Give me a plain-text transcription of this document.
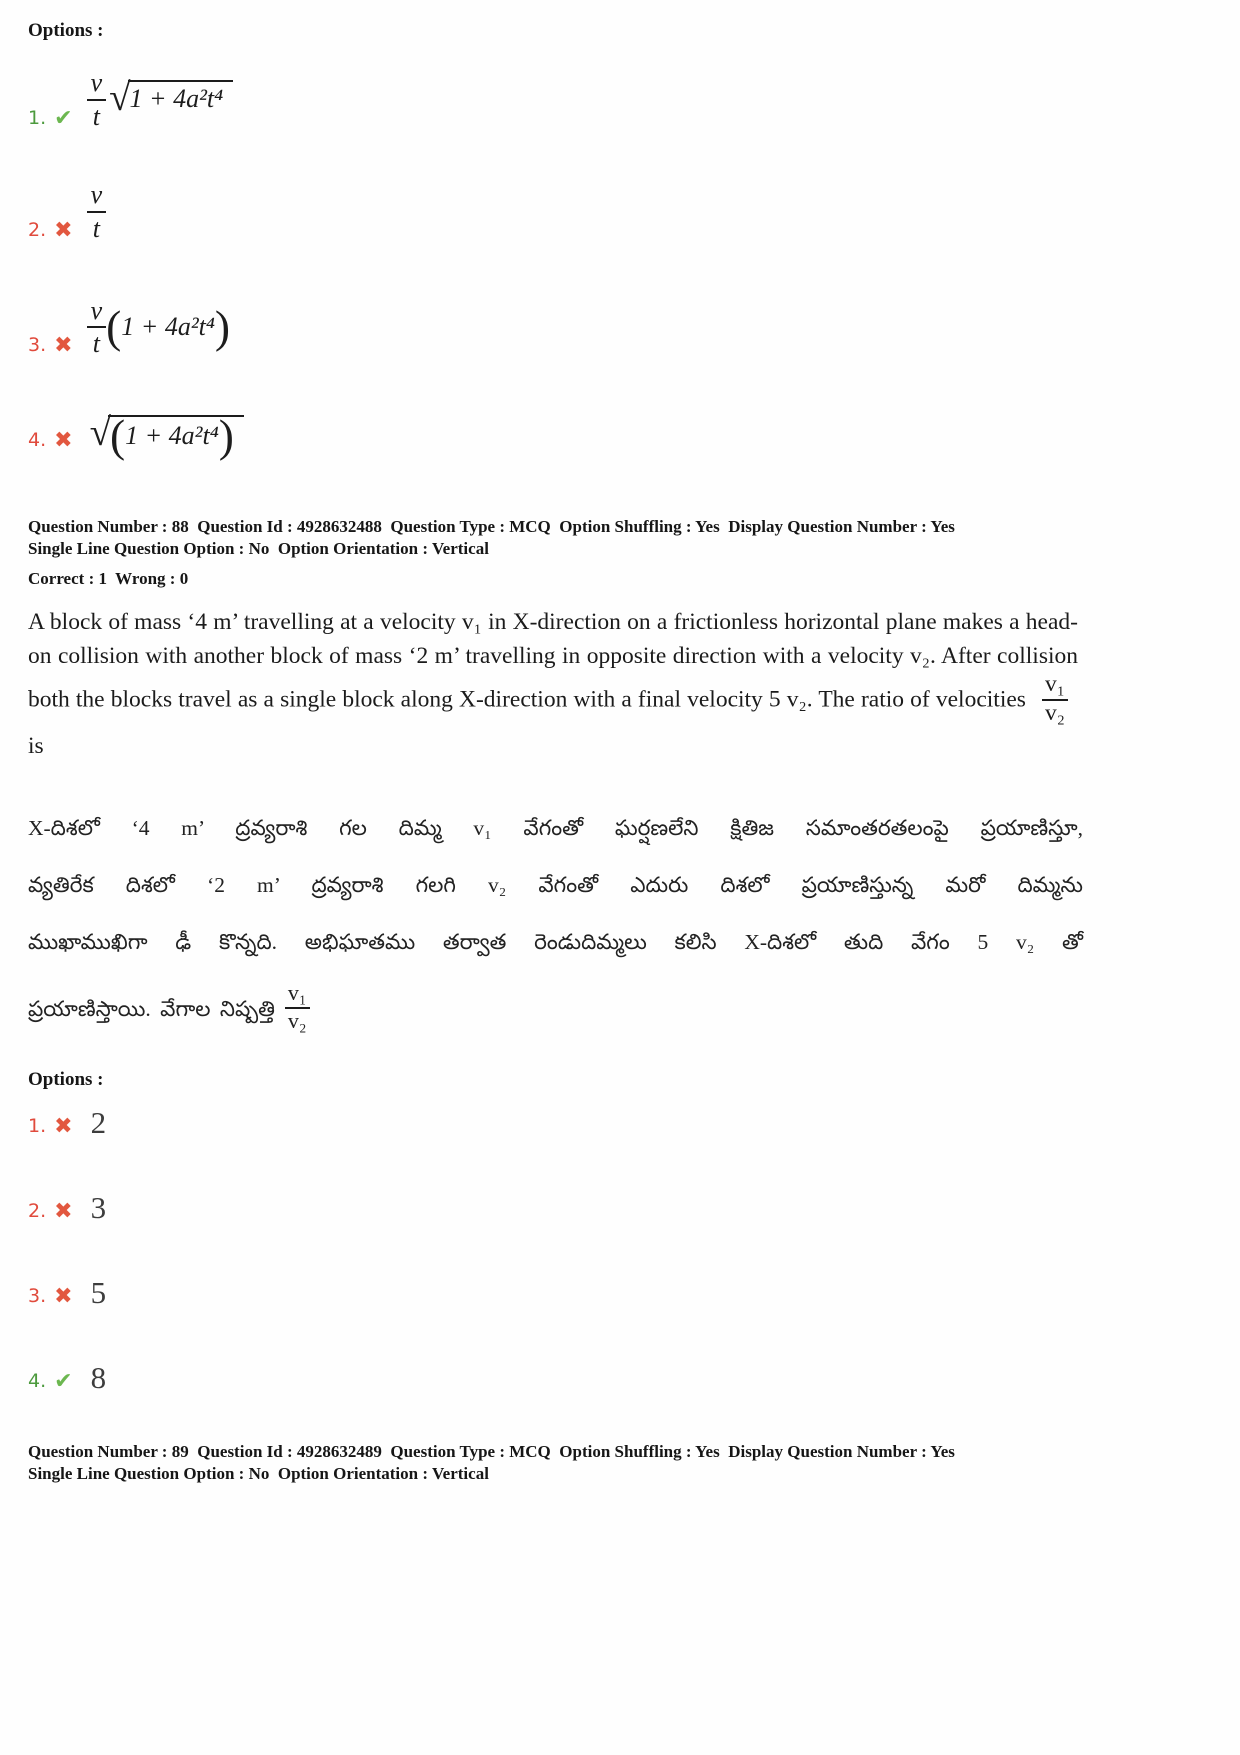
Options :

1. ✔ $\frac{v}{t}$ √ 1 + 4a²t⁴
2. ✖ $\frac{v}{t}$
3. ✖ $\frac{v}{t}$ ( 1 + 4a²t⁴ )
4. ✖ √ ( 1 + 4a²t⁴ )

Question Number : 88  Question Id : 4928632488  Question Type : MCQ  Option Shuffling : Yes  Display Question Number : Yes

Single Line Question Option : No  Option Orientation : Vertical

Correct : 1  Wrong : 0

A block of mass ‘4 m’ travelling at a velocity v₁ in X-direction on a frictionless horizontal plane makes a head-on collision with another block of mass ‘2 m’ travelling in opposite direction with a velocity v₂. After collision both the blocks travel as a single block along X-direction with a final velocity 5 v₂. The ratio of velocities $\frac{\text{v₁}}{\text{v₂}}$
is
X-దిశలో ‘4 m’ ద్రవ్యరాశి గల దిమ్మ v₁ వేగంతో ఘర్షణలేని క్షితిజ సమాంతరతలంపై ప్రయాణిస్తూ,
వ్యతిరేక దిశలో ‘2 m’ ద్రవ్యరాశి గలగి v₂ వేగంతో ఎదురు దిశలో ప్రయాణిస్తున్న మరో దిమ్మను
ముఖాముఖిగా ఢీ కొన్నది. అభిఘాతము తర్వాత రెండుదిమ్మలు కలిసి X-దిశలో తుది వేగం 5 v₂ తో
ప్రయాణిస్తాయి. వేగాల నిష్పత్తి $\frac{\text{v₁}}{\text{v₂}}$

Options :

1. ✖ 2
2. ✖ 3
3. ✖ 5
4. ✔ 8

Question Number : 89  Question Id : 4928632489  Question Type : MCQ  Option Shuffling : Yes  Display Question Number : Yes

Single Line Question Option : No  Option Orientation : Vertical
